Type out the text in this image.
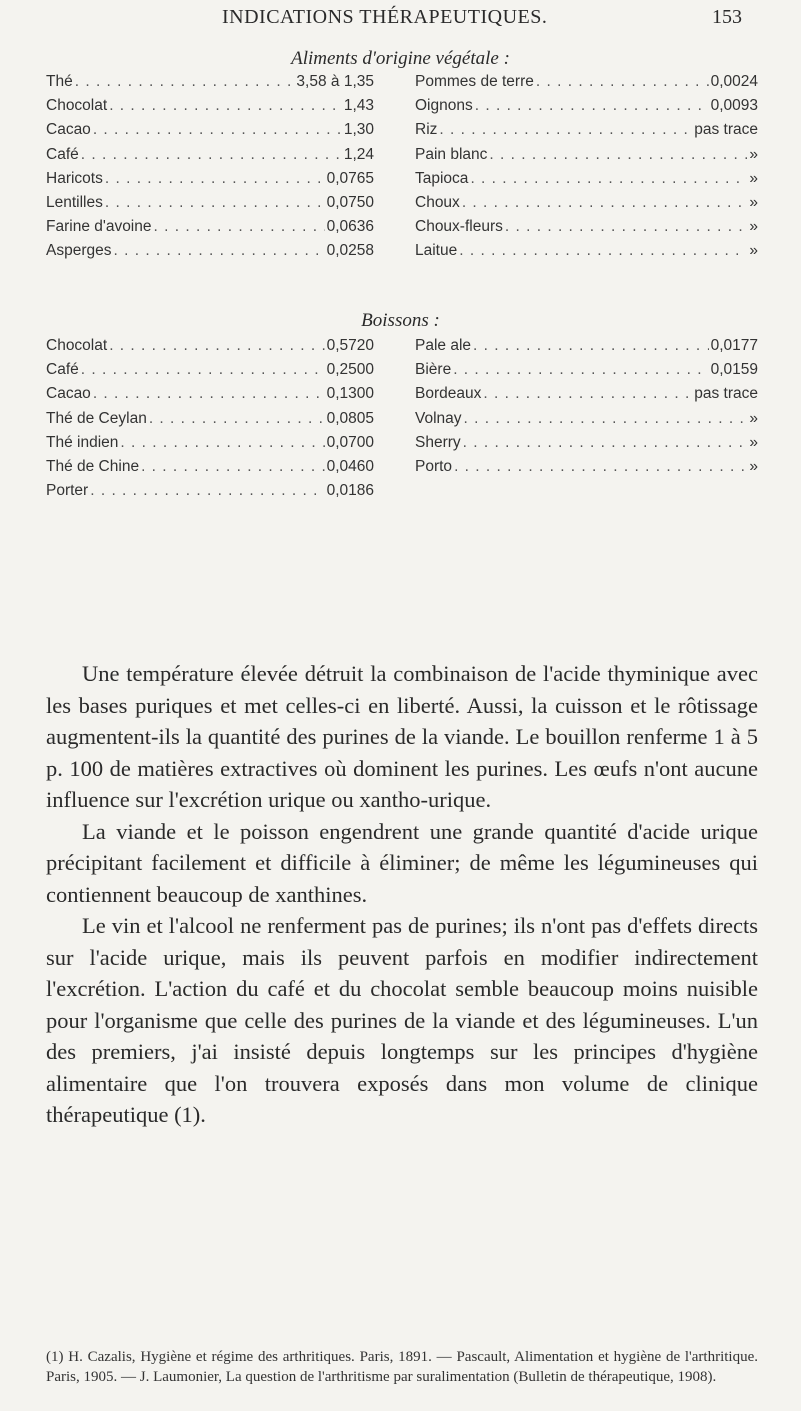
INDICATIONS THÉRAPEUTIQUES.	153
Aliments d'origine végétale :
Thé . . .	3,58 à 1,35	Pommes de terre . . .	0,0024
Chocolat . . .	1,43	Oignons . . .	0,0093
Cacao . . .	1,30	Riz . . .	pas trace
Café . . .	1,24	Pain blanc . . .	»
Haricots . . .	0,0765	Tapioca . . .	»
Lentilles . . .	0,0750	Choux . . .	»
Farine d'avoine . . .	0,0636	Choux-fleurs . . .	»
Asperges . . .	0,0258	Laitue . . .	»
Boissons :
Chocolat . . .	0,5720	Pale ale . . .	0,0177
Café . . .	0,2500	Bière . . .	0,0159
Cacao . . .	0,1300	Bordeaux . . .	pas trace
Thé de Ceylan . . .	0,0805	Volnay . . .	»
Thé indien . . .	0,0700	Sherry . . .	»
Thé de Chine . . .	0,0460	Porto . . .	»
Porter . . .	0,0186

Une température élevée détruit la combinaison de l'acide thyminique avec les bases puriques et met celles-ci en liberté. Aussi, la cuisson et le rôtissage augmentent-ils la quantité des purines de la viande. Le bouillon renferme 1 à 5 p. 100 de matières extractives où dominent les purines. Les œufs n'ont aucune influence sur l'excrétion urique ou xantho-urique.

La viande et le poisson engendrent une grande quantité d'acide urique précipitant facilement et difficile à éliminer; de même les légumineuses qui contiennent beaucoup de xanthines.

Le vin et l'alcool ne renferment pas de purines; ils n'ont pas d'effets directs sur l'acide urique, mais ils peuvent parfois en modifier indirectement l'excrétion. L'action du café et du chocolat semble beaucoup moins nuisible pour l'organisme que celle des purines de la viande et des légumineuses. L'un des premiers, j'ai insisté depuis longtemps sur les principes d'hygiène alimentaire que l'on trouvera exposés dans mon volume de clinique thérapeutique (1).

(1) H. Cazalis, Hygiène et régime des arthritiques. Paris, 1891. — Pascault, Alimentation et hygiène de l'arthritique. Paris, 1905. — J. Laumonier, La question de l'arthritisme par suralimentation (Bulletin de thérapeutique, 1908).
